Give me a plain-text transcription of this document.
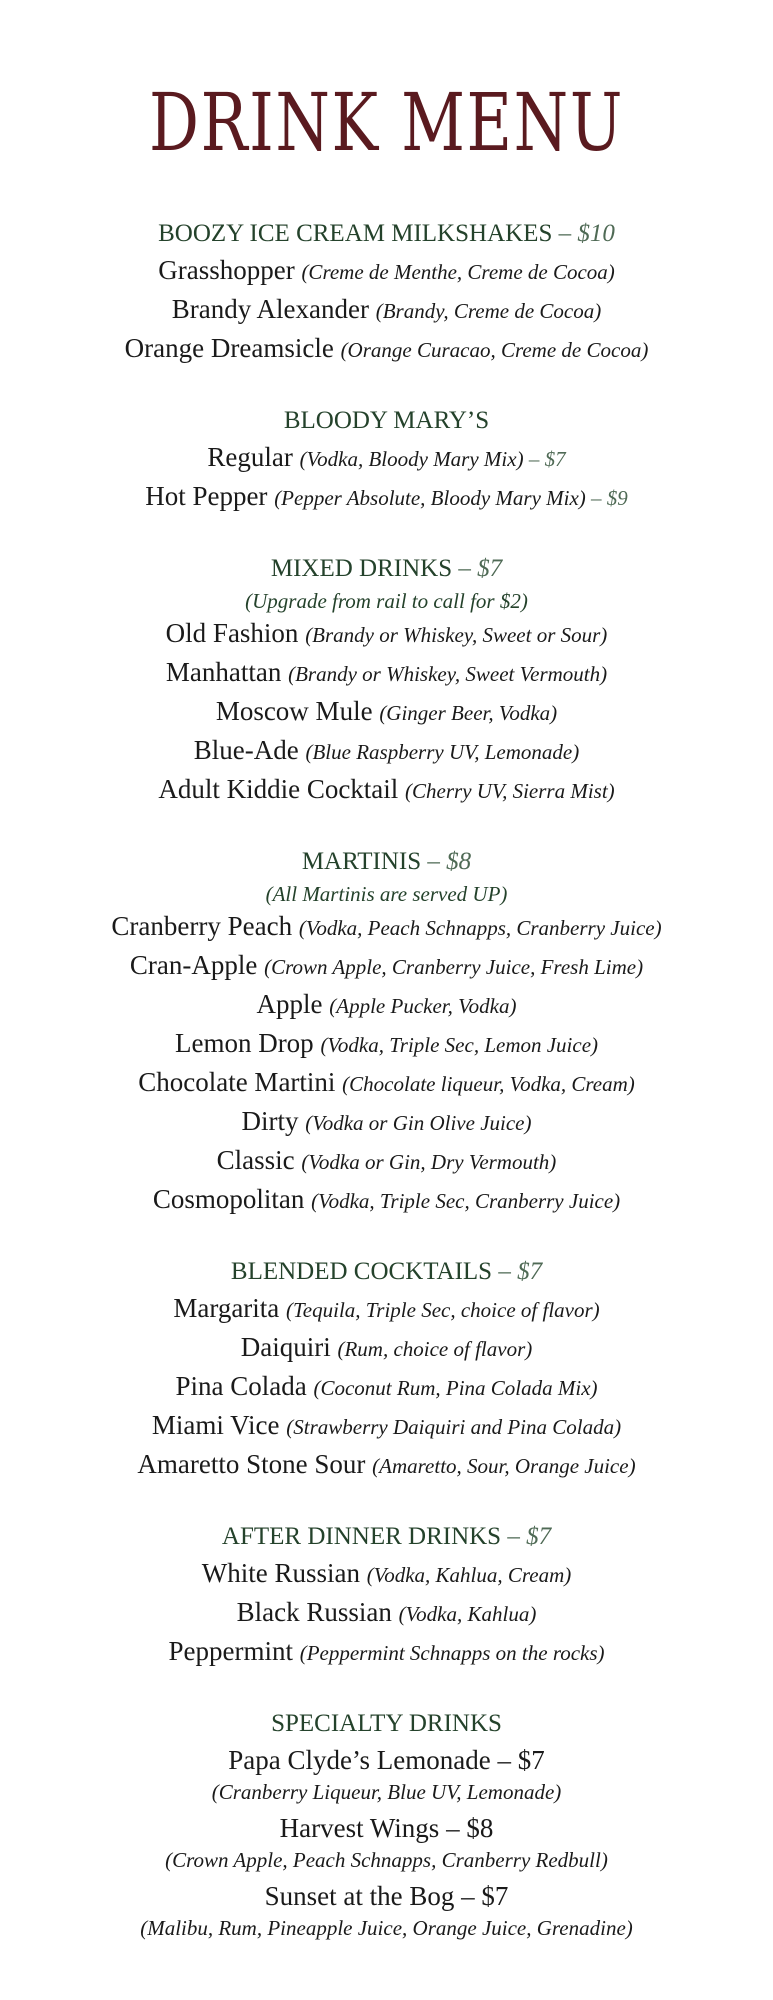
DRINK MENU
BOOZY ICE CREAM MILKSHAKES – $10
Grasshopper (Creme de Menthe, Creme de Cocoa)
Brandy Alexander (Brandy, Creme de Cocoa)
Orange Dreamsicle (Orange Curacao, Creme de Cocoa)
BLOODY MARY’S
Regular (Vodka, Bloody Mary Mix) – $7
Hot Pepper (Pepper Absolute, Bloody Mary Mix) – $9
MIXED DRINKS – $7
(Upgrade from rail to call for $2)
Old Fashion (Brandy or Whiskey, Sweet or Sour)
Manhattan (Brandy or Whiskey, Sweet Vermouth)
Moscow Mule (Ginger Beer, Vodka)
Blue-Ade (Blue Raspberry UV, Lemonade)
Adult Kiddie Cocktail (Cherry UV, Sierra Mist)
MARTINIS – $8
(All Martinis are served UP)
Cranberry Peach (Vodka, Peach Schnapps, Cranberry Juice)
Cran-Apple (Crown Apple, Cranberry Juice, Fresh Lime)
Apple (Apple Pucker, Vodka)
Lemon Drop (Vodka, Triple Sec, Lemon Juice)
Chocolate Martini (Chocolate liqueur, Vodka, Cream)
Dirty (Vodka or Gin Olive Juice)
Classic (Vodka or Gin, Dry Vermouth)
Cosmopolitan (Vodka, Triple Sec, Cranberry Juice)
BLENDED COCKTAILS – $7
Margarita (Tequila, Triple Sec, choice of flavor)
Daiquiri (Rum, choice of flavor)
Pina Colada (Coconut Rum, Pina Colada Mix)
Miami Vice (Strawberry Daiquiri and Pina Colada)
Amaretto Stone Sour (Amaretto, Sour, Orange Juice)
AFTER DINNER DRINKS – $7
White Russian (Vodka, Kahlua, Cream)
Black Russian (Vodka, Kahlua)
Peppermint (Peppermint Schnapps on the rocks)
SPECIALTY DRINKS
Papa Clyde’s Lemonade – $7
(Cranberry Liqueur, Blue UV, Lemonade)
Harvest Wings – $8
(Crown Apple, Peach Schnapps, Cranberry Redbull)
Sunset at the Bog – $7
(Malibu, Rum, Pineapple Juice, Orange Juice, Grenadine)
